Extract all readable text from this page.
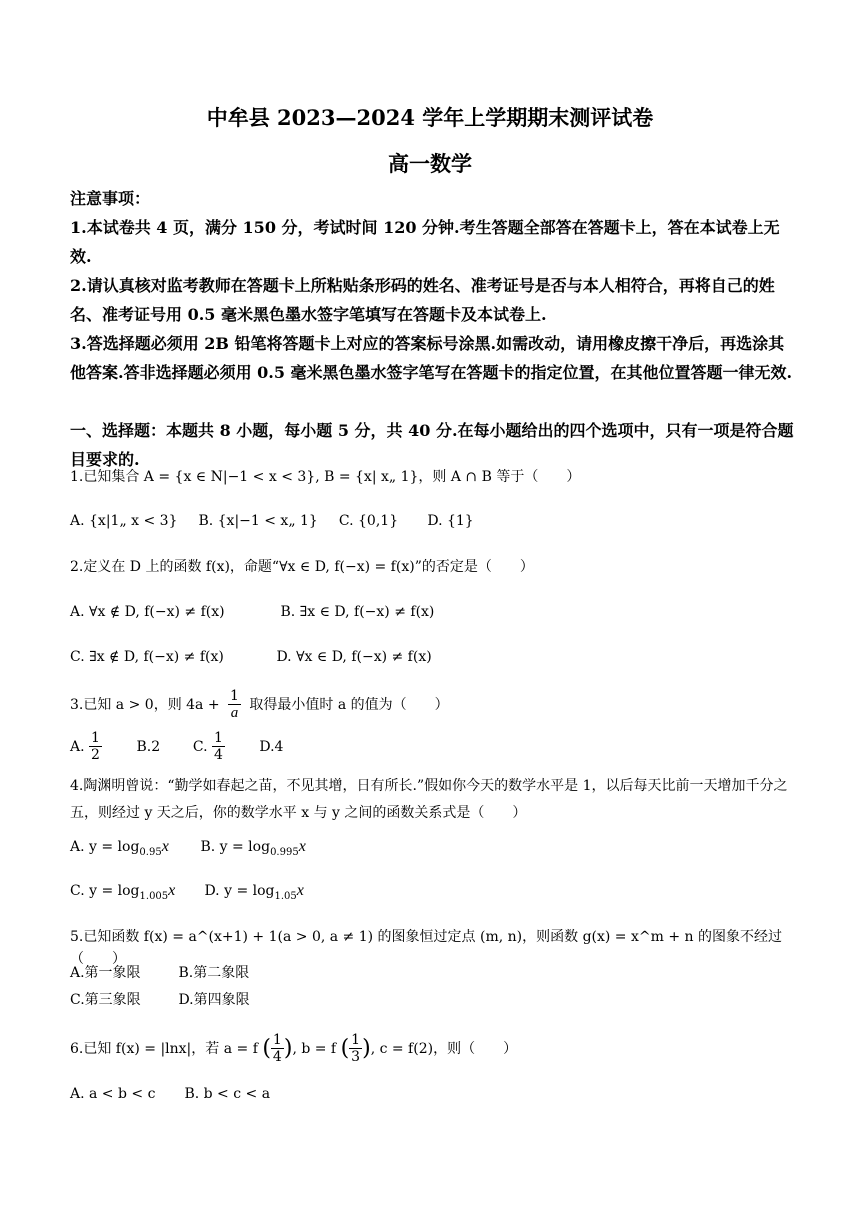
中牟县 2023—2024 学年上学期期末测评试卷
高一数学

注意事项：

1.本试卷共 4 页，满分 150 分，考试时间 120 分钟.考生答题全部答在答题卡上，答在本试卷上无效.

2.请认真核对监考教师在答题卡上所粘贴条形码的姓名、准考证号是否与本人相符合，再将自己的姓名、准考证号用 0.5 毫米黑色墨水签字笔填写在答题卡及本试卷上.

3.答选择题必须用 2B 铅笔将答题卡上对应的答案标号涂黑.如需改动，请用橡皮擦干净后，再选涂其他答案.答非选择题必须用 0.5 毫米黑色墨水签字笔写在答题卡的指定位置，在其他位置答题一律无效.

一、选择题：本题共 8 小题，每小题 5 分，共 40 分.在每小题给出的四个选项中，只有一项是符合题目要求的.

1.已知集合 A = {x ∈ N|−1 < x < 3}, B = {x| x„ 1}，则 A ∩ B 等于（　　）

A. {x|1„ x < 3} B. {x|−1 < x„ 1} C. {0,1} D. {1}

2.定义在 D 上的函数 f(x)，命题“∀x ∈ D, f(−x) = f(x)”的否定是（　　）

A. ∀x ∉ D, f(−x) ≠ f(x)	B. ∃x ∈ D, f(−x) ≠ f(x)
C. ∃x ∉ D, f(−x) ≠ f(x)	D. ∀x ∈ D, f(−x) ≠ f(x)
3.已知 a > 0，则 $4a + \frac{1}{a}$ 取得最小值时 a 的值为（　　）
A. $\frac{1}{2} B.2$ C. $\frac{1}{4} D.4$

4.陶渊明曾说：“勤学如春起之苗，不见其增，日有所长.”假如你今天的数学水平是 1，以后每天比前一天增加千分之五，则经过 y 天之后，你的数学水平 x 与 y 之间的函数关系式是（　　）

A. $y = \log_{0.95}x$ B. $y = \log_{0.995}x$
C. $y = \log_{1.005}x$ D. $y = \log_{1.05}x$

5.已知函数 f(x) = a^(x+1) + 1(a > 0, a ≠ 1) 的图象恒过定点 (m, n)，则函数 g(x) = x^m + n 的图象不经过（　　）

A.第一象限	B.第二象限
C.第三象限	D.第四象限
6.已知 f(x) = |lnx|，若 a = f ( $\frac{1}{4}$ ), b = f ( $\frac{1}{3}$ ), c = f(2)，则（　　）
A. a < b < c B. b < c < a
